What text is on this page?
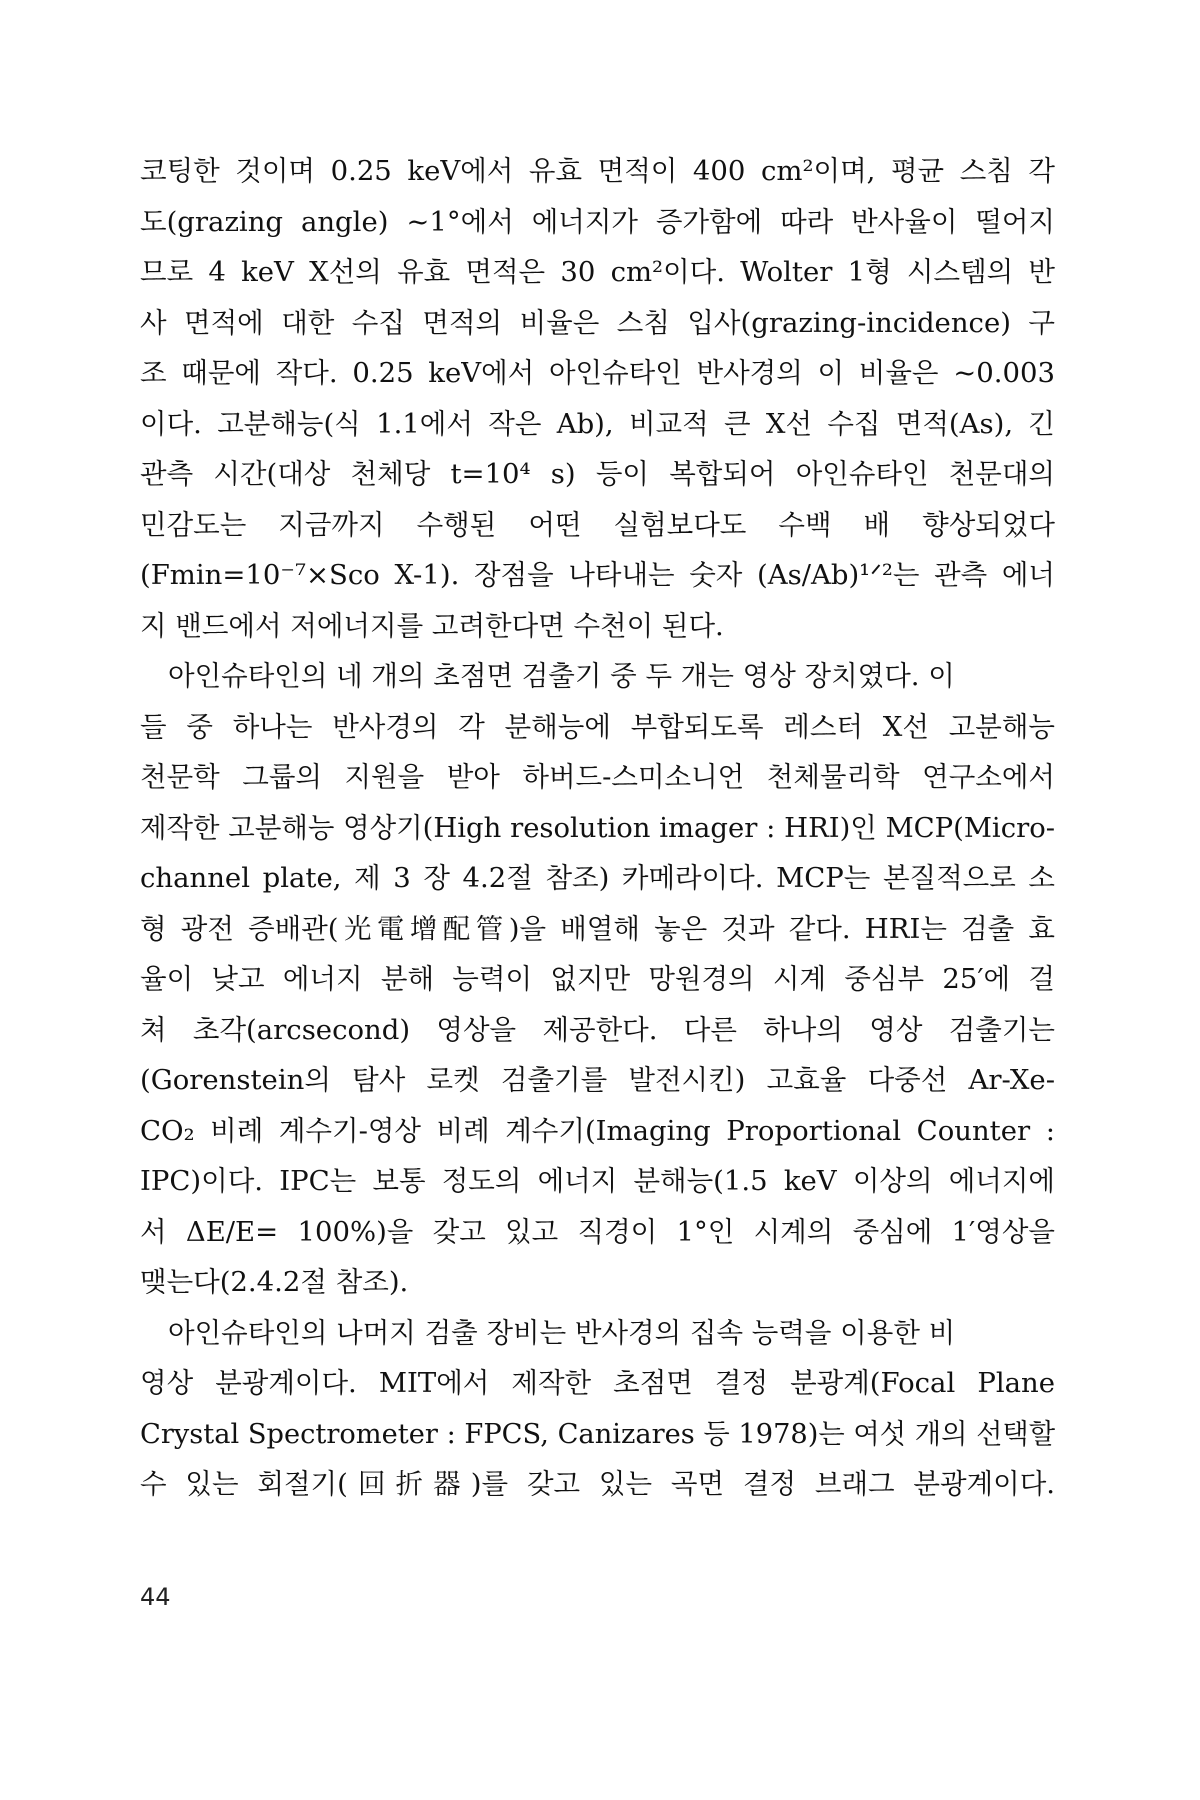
코팅한 것이며 0.25 keV에서 유효 면적이 400 cm²이며, 평균 스침 각
도(grazing angle) ~1°에서 에너지가 증가함에 따라 반사율이 떨어지
므로 4 keV X선의 유효 면적은 30 cm²이다. Wolter 1형 시스템의 반
사 면적에 대한 수집 면적의 비율은 스침 입사(grazing-incidence) 구
조 때문에 작다. 0.25 keV에서 아인슈타인 반사경의 이 비율은 ~0.003
이다. 고분해능(식 1.1에서 작은 Ab), 비교적 큰 X선 수집 면적(As), 긴
관측 시간(대상 천체당 t=10⁴ s) 등이 복합되어 아인슈타인 천문대의
민감도는 지금까지 수행된 어떤 실험보다도 수백 배 향상되었다
(Fmin=10⁻⁷×Sco X-1). 장점을 나타내는 숫자 (As/Ab)¹ᐟ²는 관측 에너
지 밴드에서 저에너지를 고려한다면 수천이 된다.
아인슈타인의 네 개의 초점면 검출기 중 두 개는 영상 장치였다. 이
들 중 하나는 반사경의 각 분해능에 부합되도록 레스터 X선 고분해능
천문학 그룹의 지원을 받아 하버드-스미소니언 천체물리학 연구소에서
제작한 고분해능 영상기(High resolution imager : HRI)인 MCP(Micro-
channel plate, 제 3 장 4.2절 참조) 카메라이다. MCP는 본질적으로 소
형 광전 증배관(光電增配管)을 배열해 놓은 것과 같다. HRI는 검출 효
율이 낮고 에너지 분해 능력이 없지만 망원경의 시계 중심부 25′에 걸
쳐 초각(arcsecond) 영상을 제공한다. 다른 하나의 영상 검출기는
(Gorenstein의 탐사 로켓 검출기를 발전시킨) 고효율 다중선 Ar-Xe-
CO₂ 비례 계수기-영상 비례 계수기(Imaging Proportional Counter :
IPC)이다. IPC는 보통 정도의 에너지 분해능(1.5 keV 이상의 에너지에
서 ΔE/E= 100%)을 갖고 있고 직경이 1°인 시계의 중심에 1′영상을
맺는다(2.4.2절 참조).
아인슈타인의 나머지 검출 장비는 반사경의 집속 능력을 이용한 비
영상 분광계이다. MIT에서 제작한 초점면 결정 분광계(Focal Plane
Crystal Spectrometer : FPCS, Canizares 등 1978)는 여섯 개의 선택할
수 있는 회절기(回折器)를 갖고 있는 곡면 결정 브래그 분광계이다.
44
